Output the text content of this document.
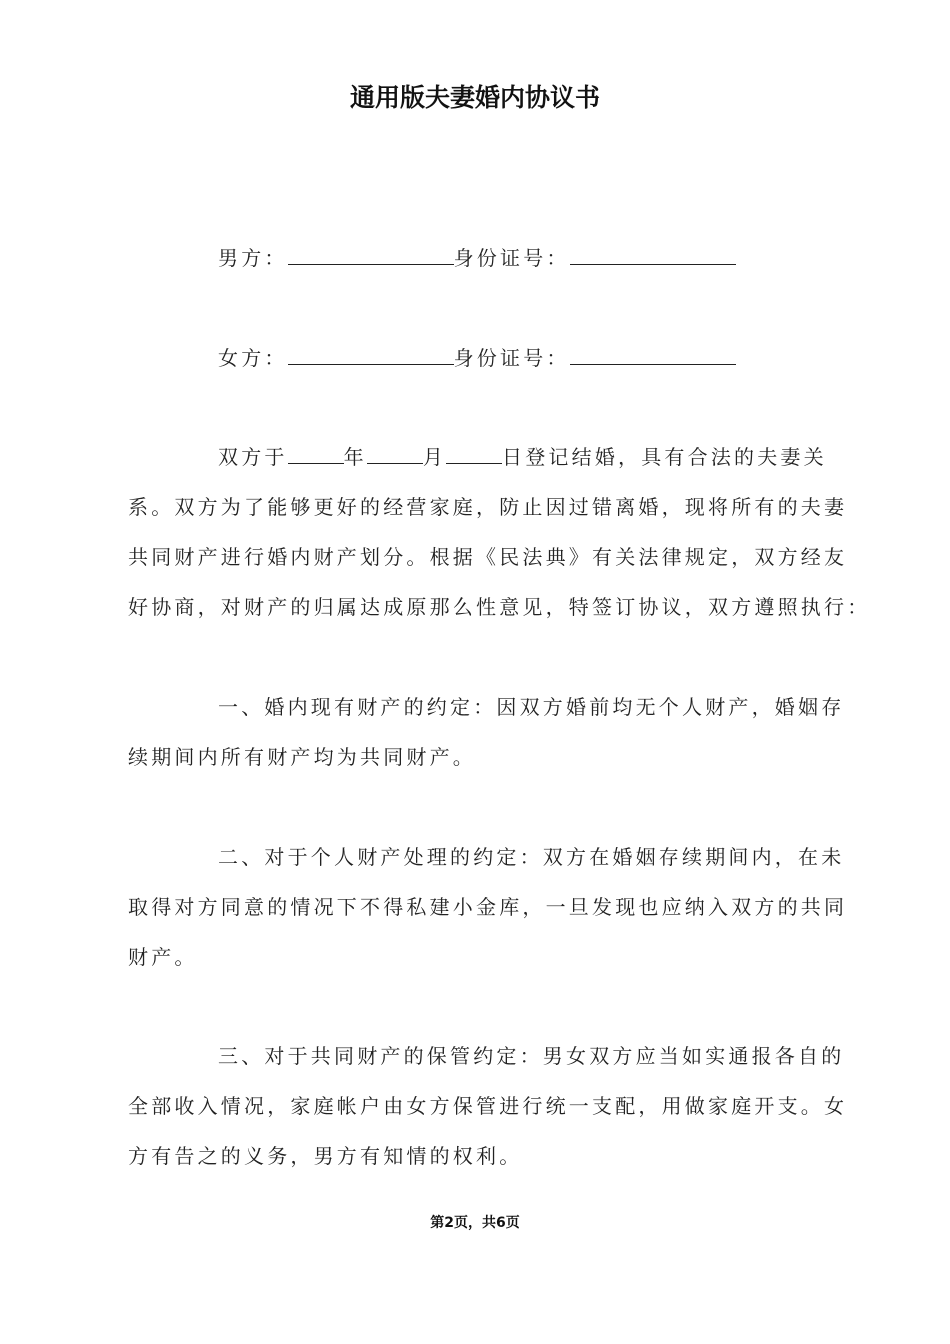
通用版夫妻婚内协议书
男方：	身份证号：
女方：	身份证号：
双方于	年	月	日登记结婚，具有合法的夫妻关
系。双方为了能够更好的经营家庭，防止因过错离婚，现将所有的夫妻
共同财产进行婚内财产划分。根据《民法典》有关法律规定，双方经友
好协商，对财产的归属达成原那么性意见，特签订协议，双方遵照执行：
一、婚内现有财产的约定：因双方婚前均无个人财产，婚姻存
续期间内所有财产均为共同财产。
二、对于个人财产处理的约定：双方在婚姻存续期间内，在未
取得对方同意的情况下不得私建小金库，一旦发现也应纳入双方的共同
财产。
三、对于共同财产的保管约定：男女双方应当如实通报各自的
全部收入情况，家庭帐户由女方保管进行统一支配，用做家庭开支。女
方有告之的义务，男方有知情的权利。
第2页，共6页
